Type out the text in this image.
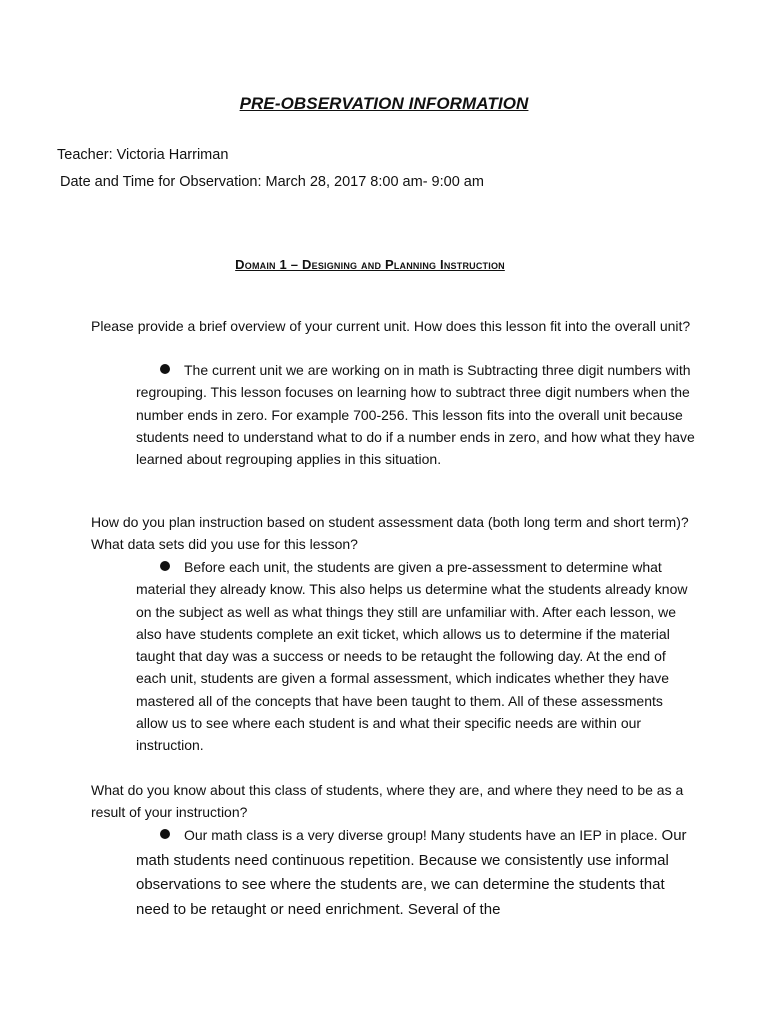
PRE-OBSERVATION INFORMATION
Teacher: Victoria Harriman
Date and Time for Observation: March 28, 2017 8:00 am- 9:00 am
Domain 1 – Designing and Planning Instruction
Please provide a brief overview of your current unit. How does this lesson fit into the overall unit?
The current unit we are working on in math is Subtracting three digit numbers with regrouping. This lesson focuses on learning how to subtract three digit numbers when the number ends in zero. For example 700-256. This lesson fits into the overall unit because students need to understand what to do if a number ends in zero, and how what they have learned about regrouping applies in this situation.
How do you plan instruction based on student assessment data (both long term and short term)? What data sets did you use for this lesson?
Before each unit, the students are given a pre-assessment to determine what material they already know. This also helps us determine what the students already know on the subject as well as what things they still are unfamiliar with. After each lesson, we also have students complete an exit ticket, which allows us to determine if the material taught that day was a success or needs to be retaught the following day. At the end of each unit, students are given a formal assessment, which indicates whether they have mastered all of the concepts that have been taught to them. All of these assessments allow us to see where each student is and what their specific needs are within our instruction.
What do you know about this class of students, where they are, and where they need to be as a result of your instruction?
Our math class is a very diverse group! Many students have an IEP in place. Our math students need continuous repetition. Because we consistently use informal observations to see where the students are, we can determine the students that need to be retaught or need enrichment. Several of the
